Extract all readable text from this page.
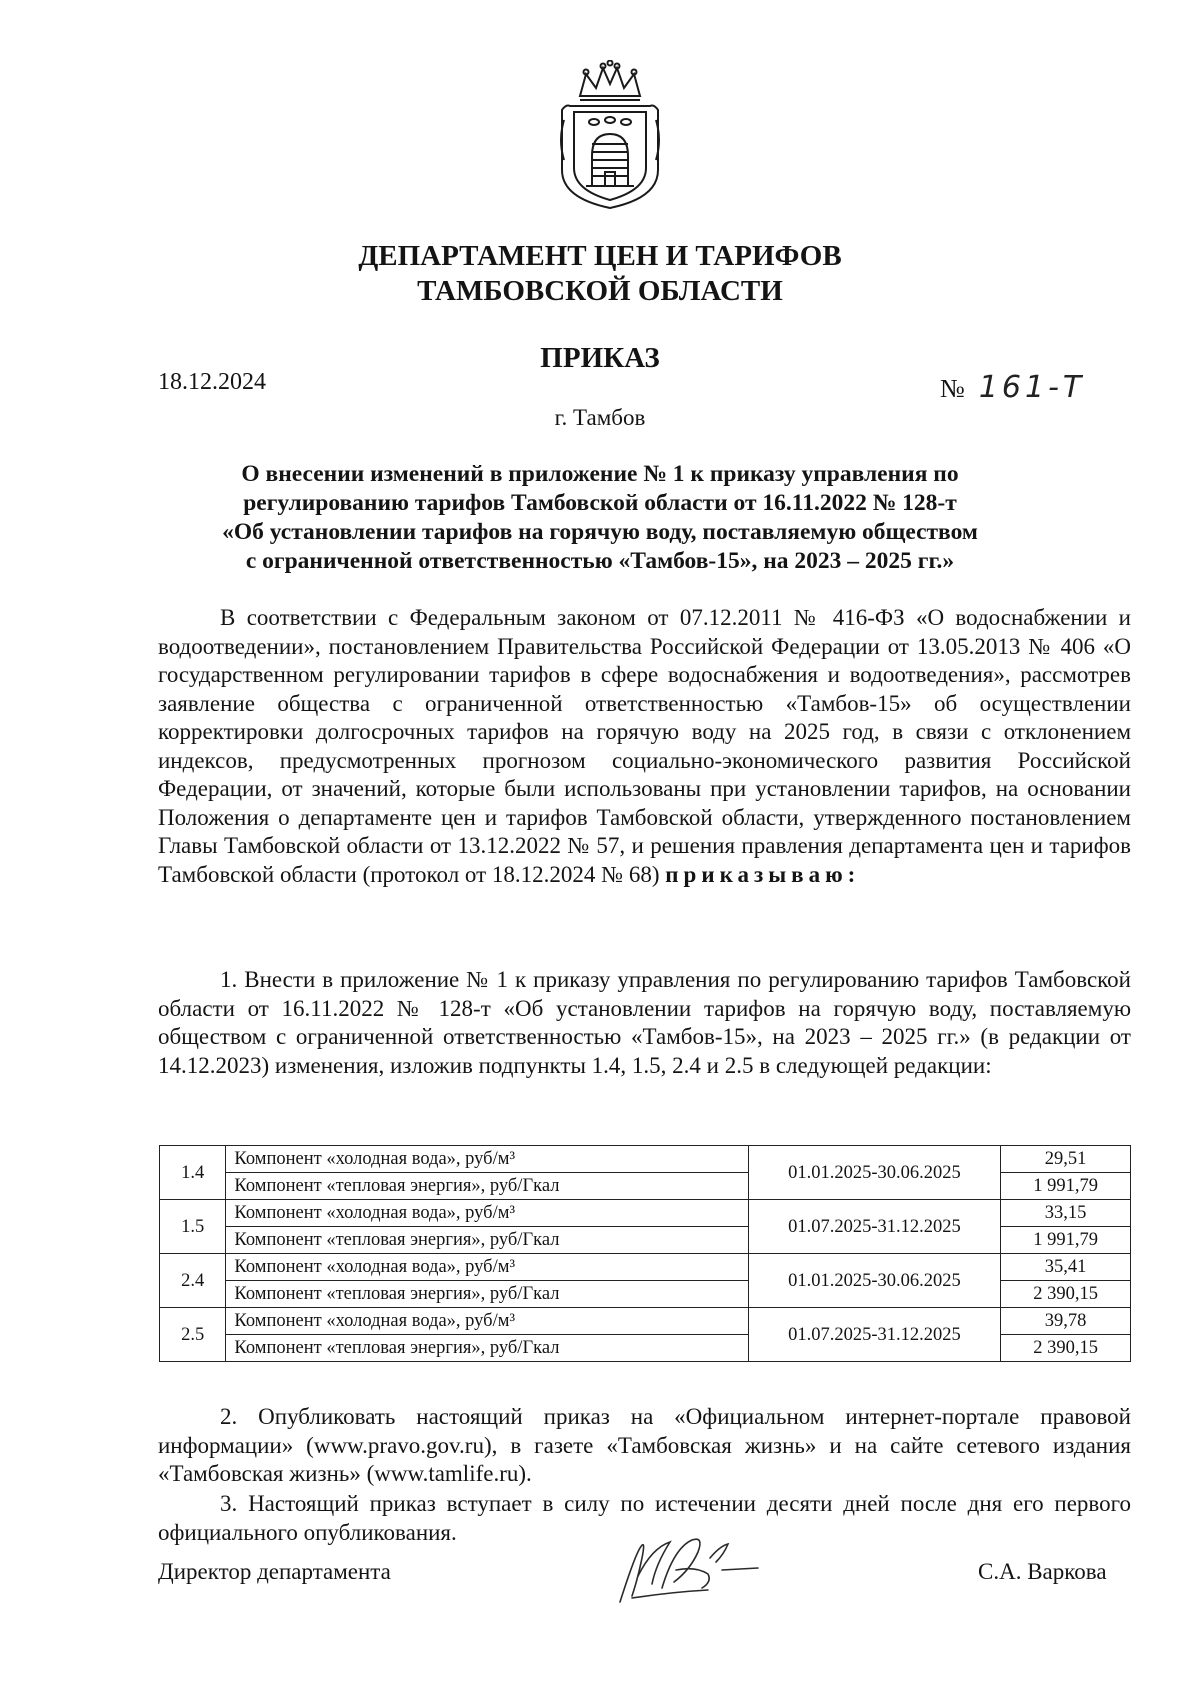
ДЕПАРТАМЕНТ ЦЕН И ТАРИФОВ
ТАМБОВСКОЙ ОБЛАСТИ
ПРИКАЗ
18.12.2024	№ 161-Т
г. Тамбов
О внесении изменений в приложение № 1 к приказу управления по
регулированию тарифов Тамбовской области от 16.11.2022 № 128-т
«Об установлении тарифов на горячую воду, поставляемую обществом
с ограниченной ответственностью «Тамбов-15», на 2023 – 2025 гг.»

В соответствии с Федеральным законом от 07.12.2011 № 416-ФЗ «О водоснабжении и водоотведении», постановлением Правительства Российской Федерации от 13.05.2013 № 406 «О государственном регулировании тарифов в сфере водоснабжения и водоотведения», рассмотрев заявление общества с ограниченной ответственностью «Тамбов-15» об осуществлении корректировки долгосрочных тарифов на горячую воду на 2025 год, в связи с отклонением индексов, предусмотренных прогнозом социально-экономического развития Российской Федерации, от значений, которые были использованы при установлении тарифов, на основании Положения о департаменте цен и тарифов Тамбовской области, утвержденного постановлением Главы Тамбовской области от 13.12.2022 № 57, и решения правления департамента цен и тарифов Тамбовской области (протокол от 18.12.2024 № 68) приказываю:

1. Внести в приложение № 1 к приказу управления по регулированию тарифов Тамбовской области от 16.11.2022 № 128-т «Об установлении тарифов на горячую воду, поставляемую обществом с ограниченной ответственностью «Тамбов-15», на 2023 – 2025 гг.» (в редакции от 14.12.2023) изменения, изложив подпункты 1.4, 1.5, 2.4 и 2.5 в следующей редакции:

1.4	Компонент «холодная вода», руб/м³	01.01.2025-30.06.2025	29,51
	Компонент «тепловая энергия», руб/Гкал		1 991,79
1.5	Компонент «холодная вода», руб/м³	01.07.2025-31.12.2025	33,15
	Компонент «тепловая энергия», руб/Гкал		1 991,79
2.4	Компонент «холодная вода», руб/м³	01.01.2025-30.06.2025	35,41
	Компонент «тепловая энергия», руб/Гкал		2 390,15
2.5	Компонент «холодная вода», руб/м³	01.07.2025-31.12.2025	39,78
	Компонент «тепловая энергия», руб/Гкал		2 390,15

2. Опубликовать настоящий приказ на «Официальном интернет-портале правовой информации» (www.pravo.gov.ru), в газете «Тамбовская жизнь» и на сайте сетевого издания «Тамбовская жизнь» (www.tamlife.ru).

3. Настоящий приказ вступает в силу по истечении десяти дней после дня его первого официального опубликования.

Директор департамента	С.А. Варкова
